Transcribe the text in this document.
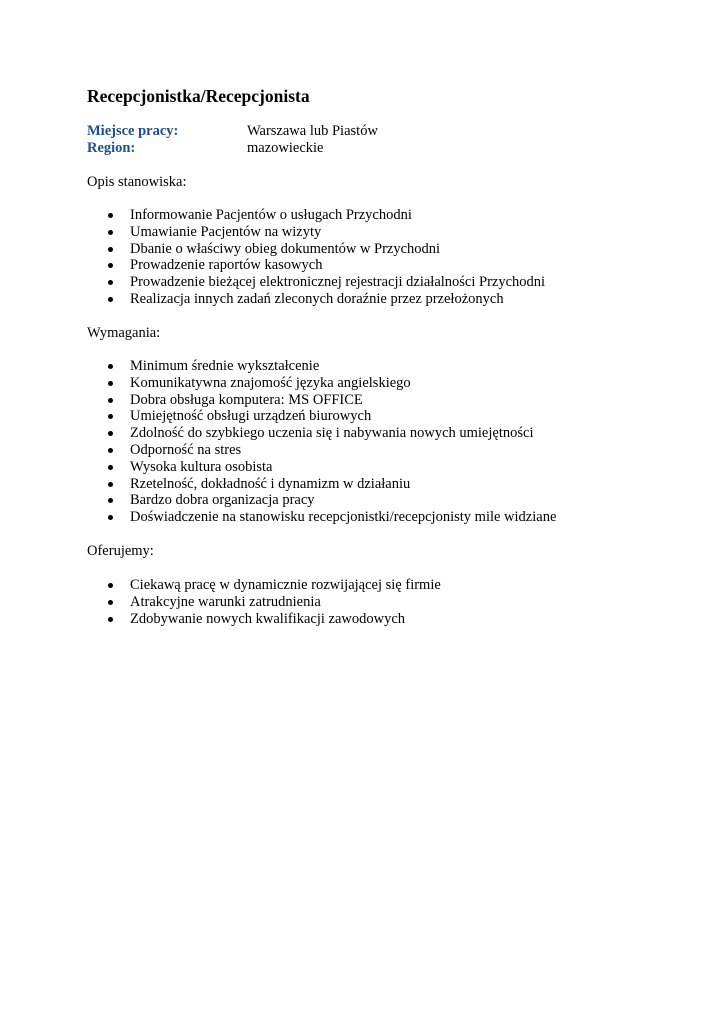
Recepcjonistka/Recepcjonista
Miejsce pracy:	Warszawa lub Piastów
Region:	mazowieckie
Opis stanowiska:
Informowanie Pacjentów o usługach Przychodni
Umawianie Pacjentów na wizyty
Dbanie o właściwy obieg dokumentów w Przychodni
Prowadzenie raportów kasowych
Prowadzenie bieżącej elektronicznej rejestracji działalności Przychodni
Realizacja innych zadań zleconych doraźnie przez przełożonych
Wymagania:
Minimum średnie wykształcenie
Komunikatywna znajomość języka angielskiego
Dobra obsługa komputera: MS OFFICE
Umiejętność obsługi urządzeń biurowych
Zdolność do szybkiego uczenia się i nabywania nowych umiejętności
Odporność na stres
Wysoka kultura osobista
Rzetelność, dokładność i dynamizm w działaniu
Bardzo dobra organizacja pracy
Doświadczenie na stanowisku recepcjonistki/recepcjonisty mile widziane
Oferujemy:
Ciekawą pracę w dynamicznie rozwijającej się firmie
Atrakcyjne warunki zatrudnienia
Zdobywanie nowych kwalifikacji zawodowych
